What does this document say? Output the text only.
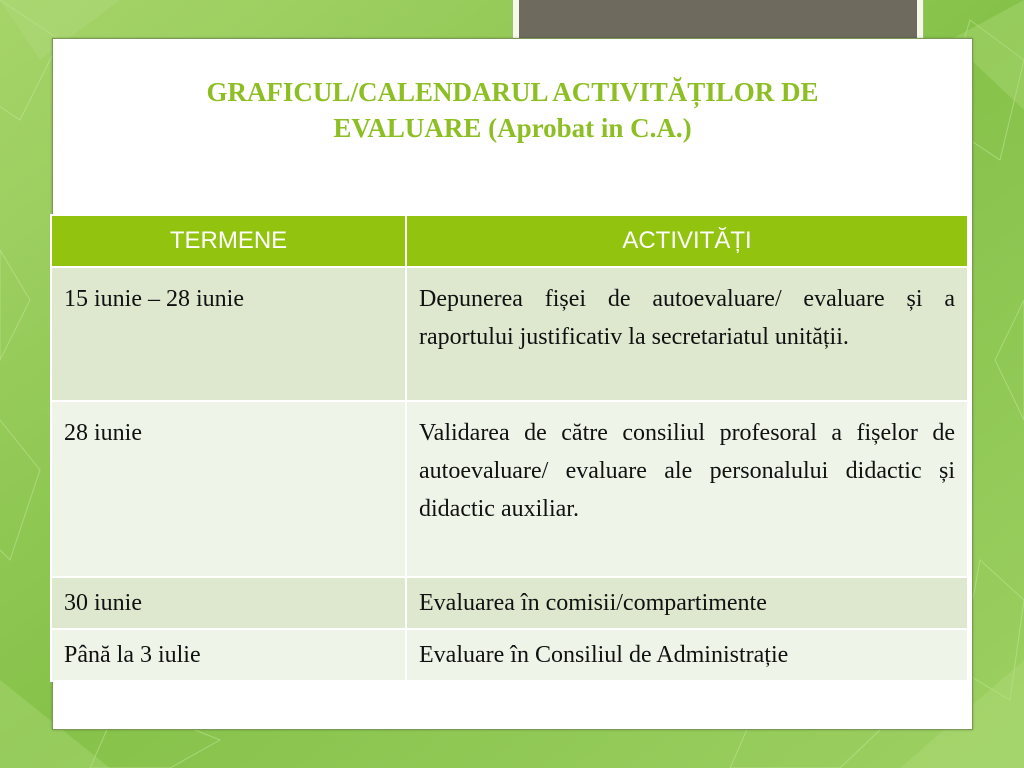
GRAFICUL/CALENDARUL ACTIVITĂȚILOR DE
EVALUARE (Aprobat in C.A.)
TERMENE	ACTIVITĂȚI
15 iunie – 28 iunie	Depunerea fișei de autoevaluare/ evaluare și a raportului justificativ la secretariatul unității.
28 iunie	Validarea de către consiliul profesoral a fișelor de autoevaluare/ evaluare ale personalului didactic și didactic auxiliar.
30 iunie	Evaluarea în comisii/compartimente
Până la 3 iulie	Evaluare în Consiliul de Administrație
